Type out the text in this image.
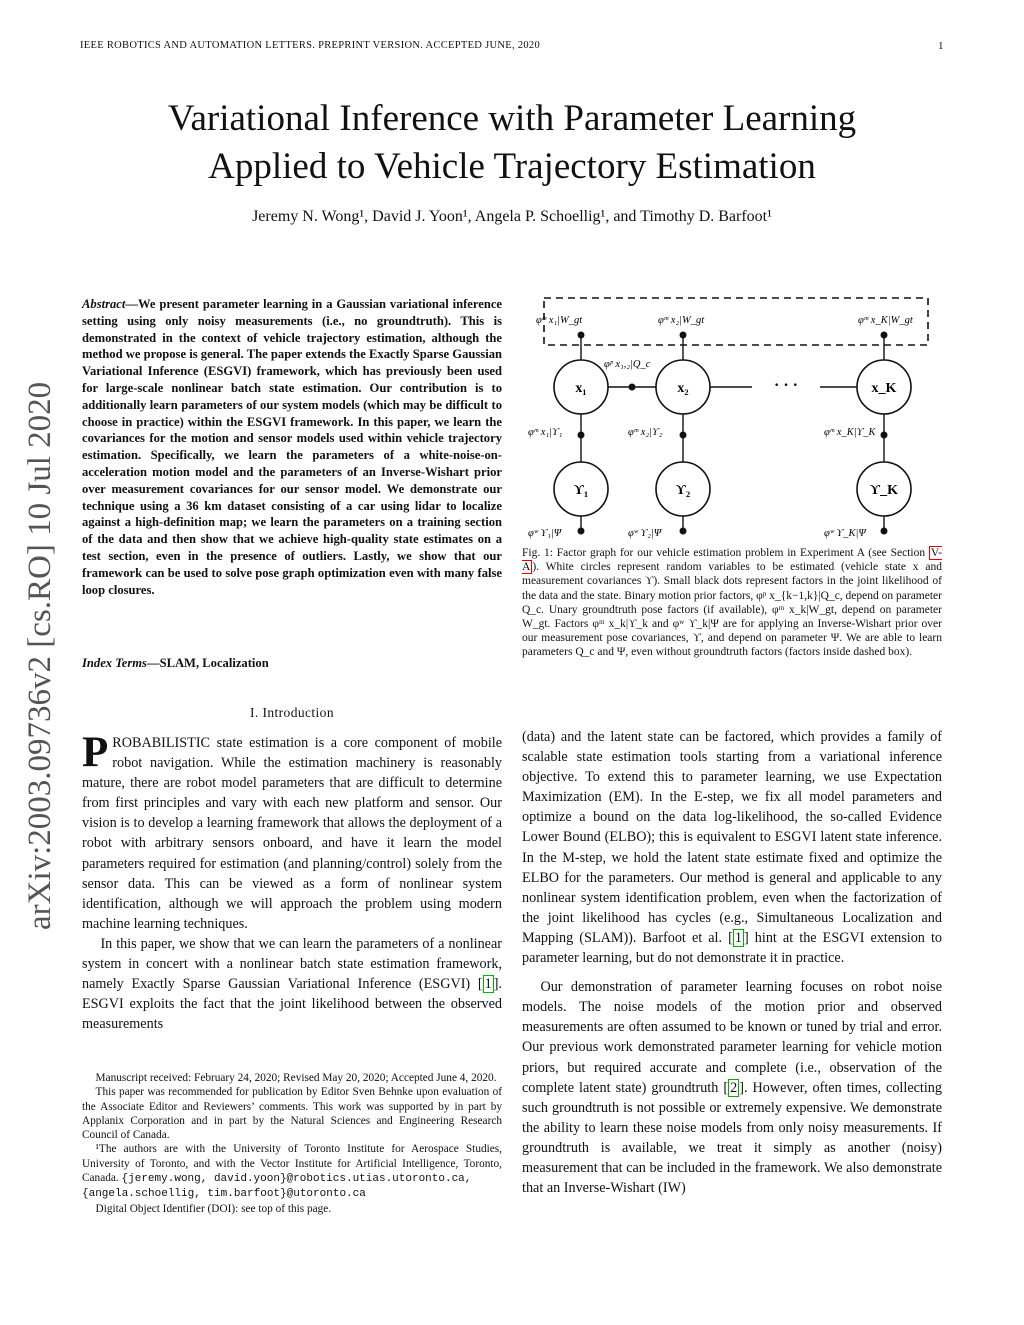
IEEE ROBOTICS AND AUTOMATION LETTERS. PREPRINT VERSION. ACCEPTED JUNE, 2020	1
arXiv:2003.09736v2 [cs.RO] 10 Jul 2020
Variational Inference with Parameter Learning
Applied to Vehicle Trajectory Estimation
Jeremy N. Wong¹, David J. Yoon¹, Angela P. Schoellig¹, and Timothy D. Barfoot¹
Abstract—We present parameter learning in a Gaussian variational inference setting using only noisy measurements (i.e., no groundtruth). This is demonstrated in the context of vehicle trajectory estimation, although the method we propose is general. The paper extends the Exactly Sparse Gaussian Variational Inference (ESGVI) framework, which has previously been used for large-scale nonlinear batch state estimation. Our contribution is to additionally learn parameters of our system models (which may be difficult to choose in practice) within the ESGVI framework. In this paper, we learn the covariances for the motion and sensor models used within vehicle trajectory estimation. Specifically, we learn the parameters of a white-noise-on-acceleration motion model and the parameters of an Inverse-Wishart prior over measurement covariances for our sensor model. We demonstrate our technique using a 36 km dataset consisting of a car using lidar to localize against a high-definition map; we learn the parameters on a training section of the data and then show that we achieve high-quality state estimates on a test section, even in the presence of outliers. Lastly, we show that our framework can be used to solve pose graph optimization even with many false loop closures.
Index Terms—SLAM, Localization
I. Introduction

PROBABILISTIC state estimation is a core component of mobile robot navigation. While the estimation machinery is reasonably mature, there are robot model parameters that are difficult to determine from first principles and vary with each new platform and sensor. Our vision is to develop a learning framework that allows the deployment of a robot with arbitrary sensors onboard, and have it learn the model parameters required for estimation (and planning/control) solely from the sensor data. This can be viewed as a form of nonlinear system identification, although we will approach the problem using modern machine learning techniques.

In this paper, we show that we can learn the parameters of a nonlinear system in concert with a nonlinear batch state estimation framework, namely Exactly Sparse Gaussian Variational Inference (ESGVI) [ 1 ]. ESGVI exploits the fact that the joint likelihood between the observed measurements

Manuscript received: February 24, 2020; Revised May 20, 2020; Accepted June 4, 2020.

This paper was recommended for publication by Editor Sven Behnke upon evaluation of the Associate Editor and Reviewers’ comments. This work was supported by in part by Applanix Corporation and in part by the Natural Sciences and Engineering Research Council of Canada.

¹The authors are with the University of Toronto Institute for Aerospace Studies, University of Toronto, and with the Vector Institute for Artificial Intelligence, Toronto, Canada. {jeremy.wong, david.yoon}@robotics.utias.utoronto.ca,
{angela.schoellig, tim.barfoot}@utoronto.ca

Digital Object Identifier (DOI): see top of this page.

x₁	x₂	x_K
ϒ₁	ϒ₂	ϒ_K
· · ·
φᵐ x₁|W_gt	φᵐ x₂|W_gt	φᵐ x_K|W_gt
φᵖ x₁,₂|Q_c
φᵐ x₁|ϒ₁	φᵐ x₂|ϒ₂	φᵐ x_K|ϒ_K
φʷ ϒ₁|Ψ	φʷ ϒ₂|Ψ	φʷ ϒ_K|Ψ
Fig. 1: Factor graph for our vehicle estimation problem in Experiment A (see Section V-A ). White circles represent random variables to be estimated (vehicle state x and measurement covariances ϒ). Small black dots represent factors in the joint likelihood of the data and the state. Binary motion prior factors, φᵖ x_{k−1,k}|Q_c, depend on parameter Q_c. Unary groundtruth pose factors (if available), φᵐ x_k|W_gt, depend on parameter W_gt. Factors φᵐ x_k|ϒ_k and φʷ ϒ_k|Ψ are for applying an Inverse-Wishart prior over our measurement pose covariances, ϒ, and depend on parameter Ψ. We are able to learn parameters Q_c and Ψ, even without groundtruth factors (factors inside dashed box).

(data) and the latent state can be factored, which provides a family of scalable state estimation tools starting from a variational inference objective. To extend this to parameter learning, we use Expectation Maximization (EM). In the E-step, we fix all model parameters and optimize a bound on the data log-likelihood, the so-called Evidence Lower Bound (ELBO); this is equivalent to ESGVI latent state inference. In the M-step, we hold the latent state estimate fixed and optimize the ELBO for the parameters. Our method is general and applicable to any nonlinear system identification problem, even when the factorization of the joint likelihood has cycles (e.g., Simultaneous Localization and Mapping (SLAM)). Barfoot et al. [ 1 ] hint at the ESGVI extension to parameter learning, but do not demonstrate it in practice.

Our demonstration of parameter learning focuses on robot noise models. The noise models of the motion prior and observed measurements are often assumed to be known or tuned by trial and error. Our previous work demonstrated parameter learning for vehicle motion priors, but required accurate and complete (i.e., observation of the complete latent state) groundtruth [ 2 ]. However, often times, collecting such groundtruth is not possible or extremely expensive. We demonstrate the ability to learn these noise models from only noisy measurements. If groundtruth is available, we treat it simply as another (noisy) measurement that can be included in the framework. We also demonstrate that an Inverse-Wishart (IW)
